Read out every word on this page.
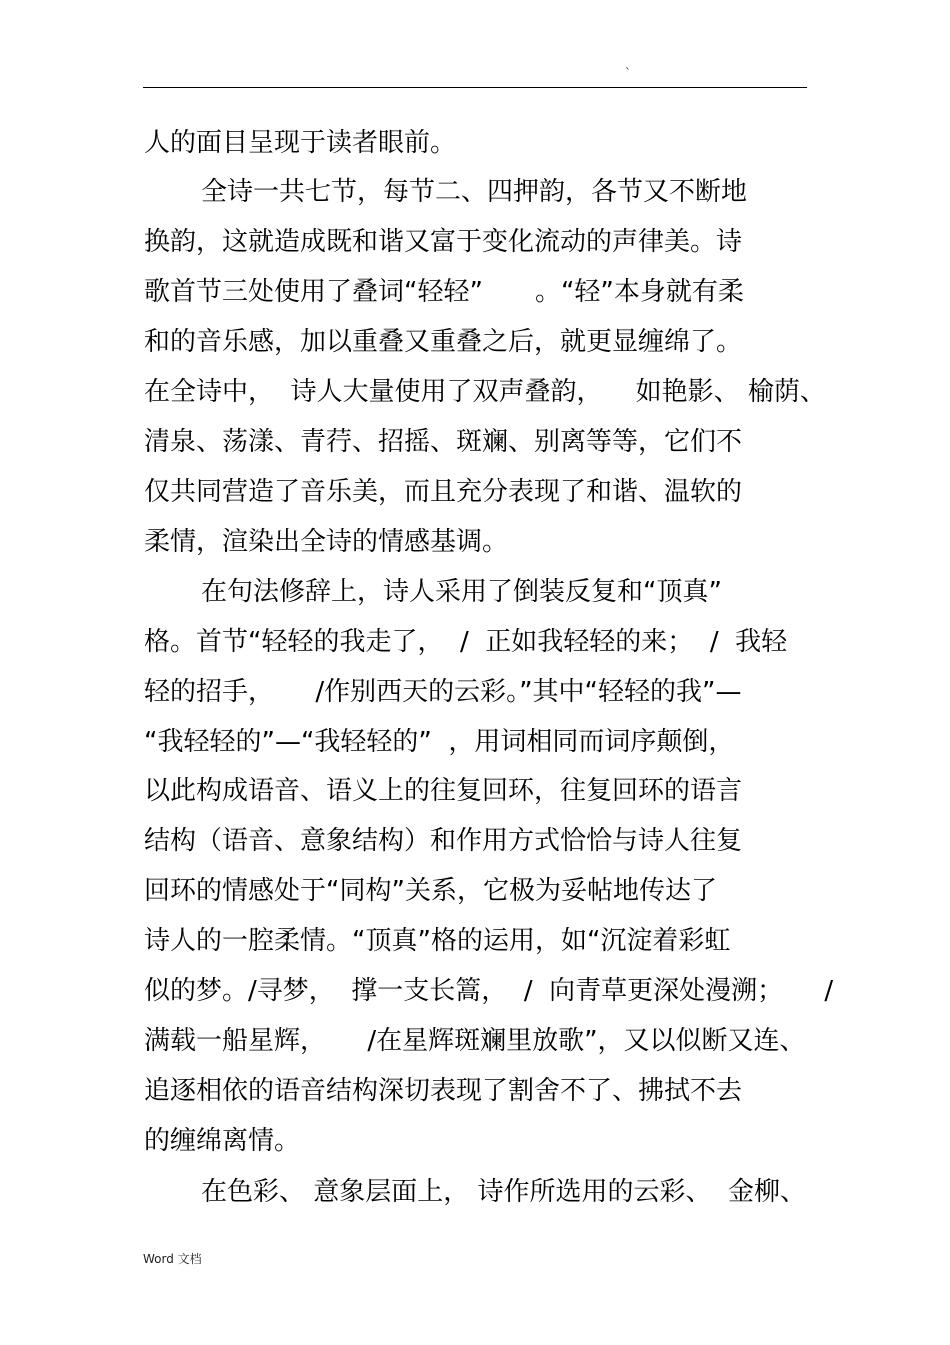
`
人的面目呈现于读者眼前。
全诗一共七节，每节二、四押韵，各节又不断地
换韵，这就造成既和谐又富于变化流动的声律美。诗
歌首节三处使用了叠词“轻轻”　　。“轻”本身就有柔
和的音乐感，加以重叠又重叠之后，就更显缠绵了。
在全诗中，  诗人大量使用了双声叠韵，    如艳影、 榆荫、
清泉、荡漾、青荇、招摇、斑斓、别离等等，它们不
仅共同营造了音乐美，而且充分表现了和谐、温软的
柔情，渲染出全诗的情感基调。
在句法修辞上，诗人采用了倒装反复和“顶真”
格。首节“轻轻的我走了，  /  正如我轻轻的来；  /  我轻
轻的招手，     /作别西天的云彩。”其中“轻轻的我”—
“我轻轻的”—“我轻轻的”  ，用词相同而词序颠倒，
以此构成语音、语义上的往复回环，往复回环的语言
结构（语音、意象结构）和作用方式恰恰与诗人往复
回环的情感处于“同构”关系，它极为妥帖地传达了
诗人的一腔柔情。“顶真”格的运用，如“沉淀着彩虹
似的梦。/寻梦，  撑一支长篙，  /  向青草更深处漫溯；     /
满载一船星辉，     /在星辉斑斓里放歌”，又以似断又连、
追逐相依的语音结构深切表现了割舍不了、拂拭不去
的缠绵离情。
在色彩、 意象层面上， 诗作所选用的云彩、  金柳、
Word 文档
